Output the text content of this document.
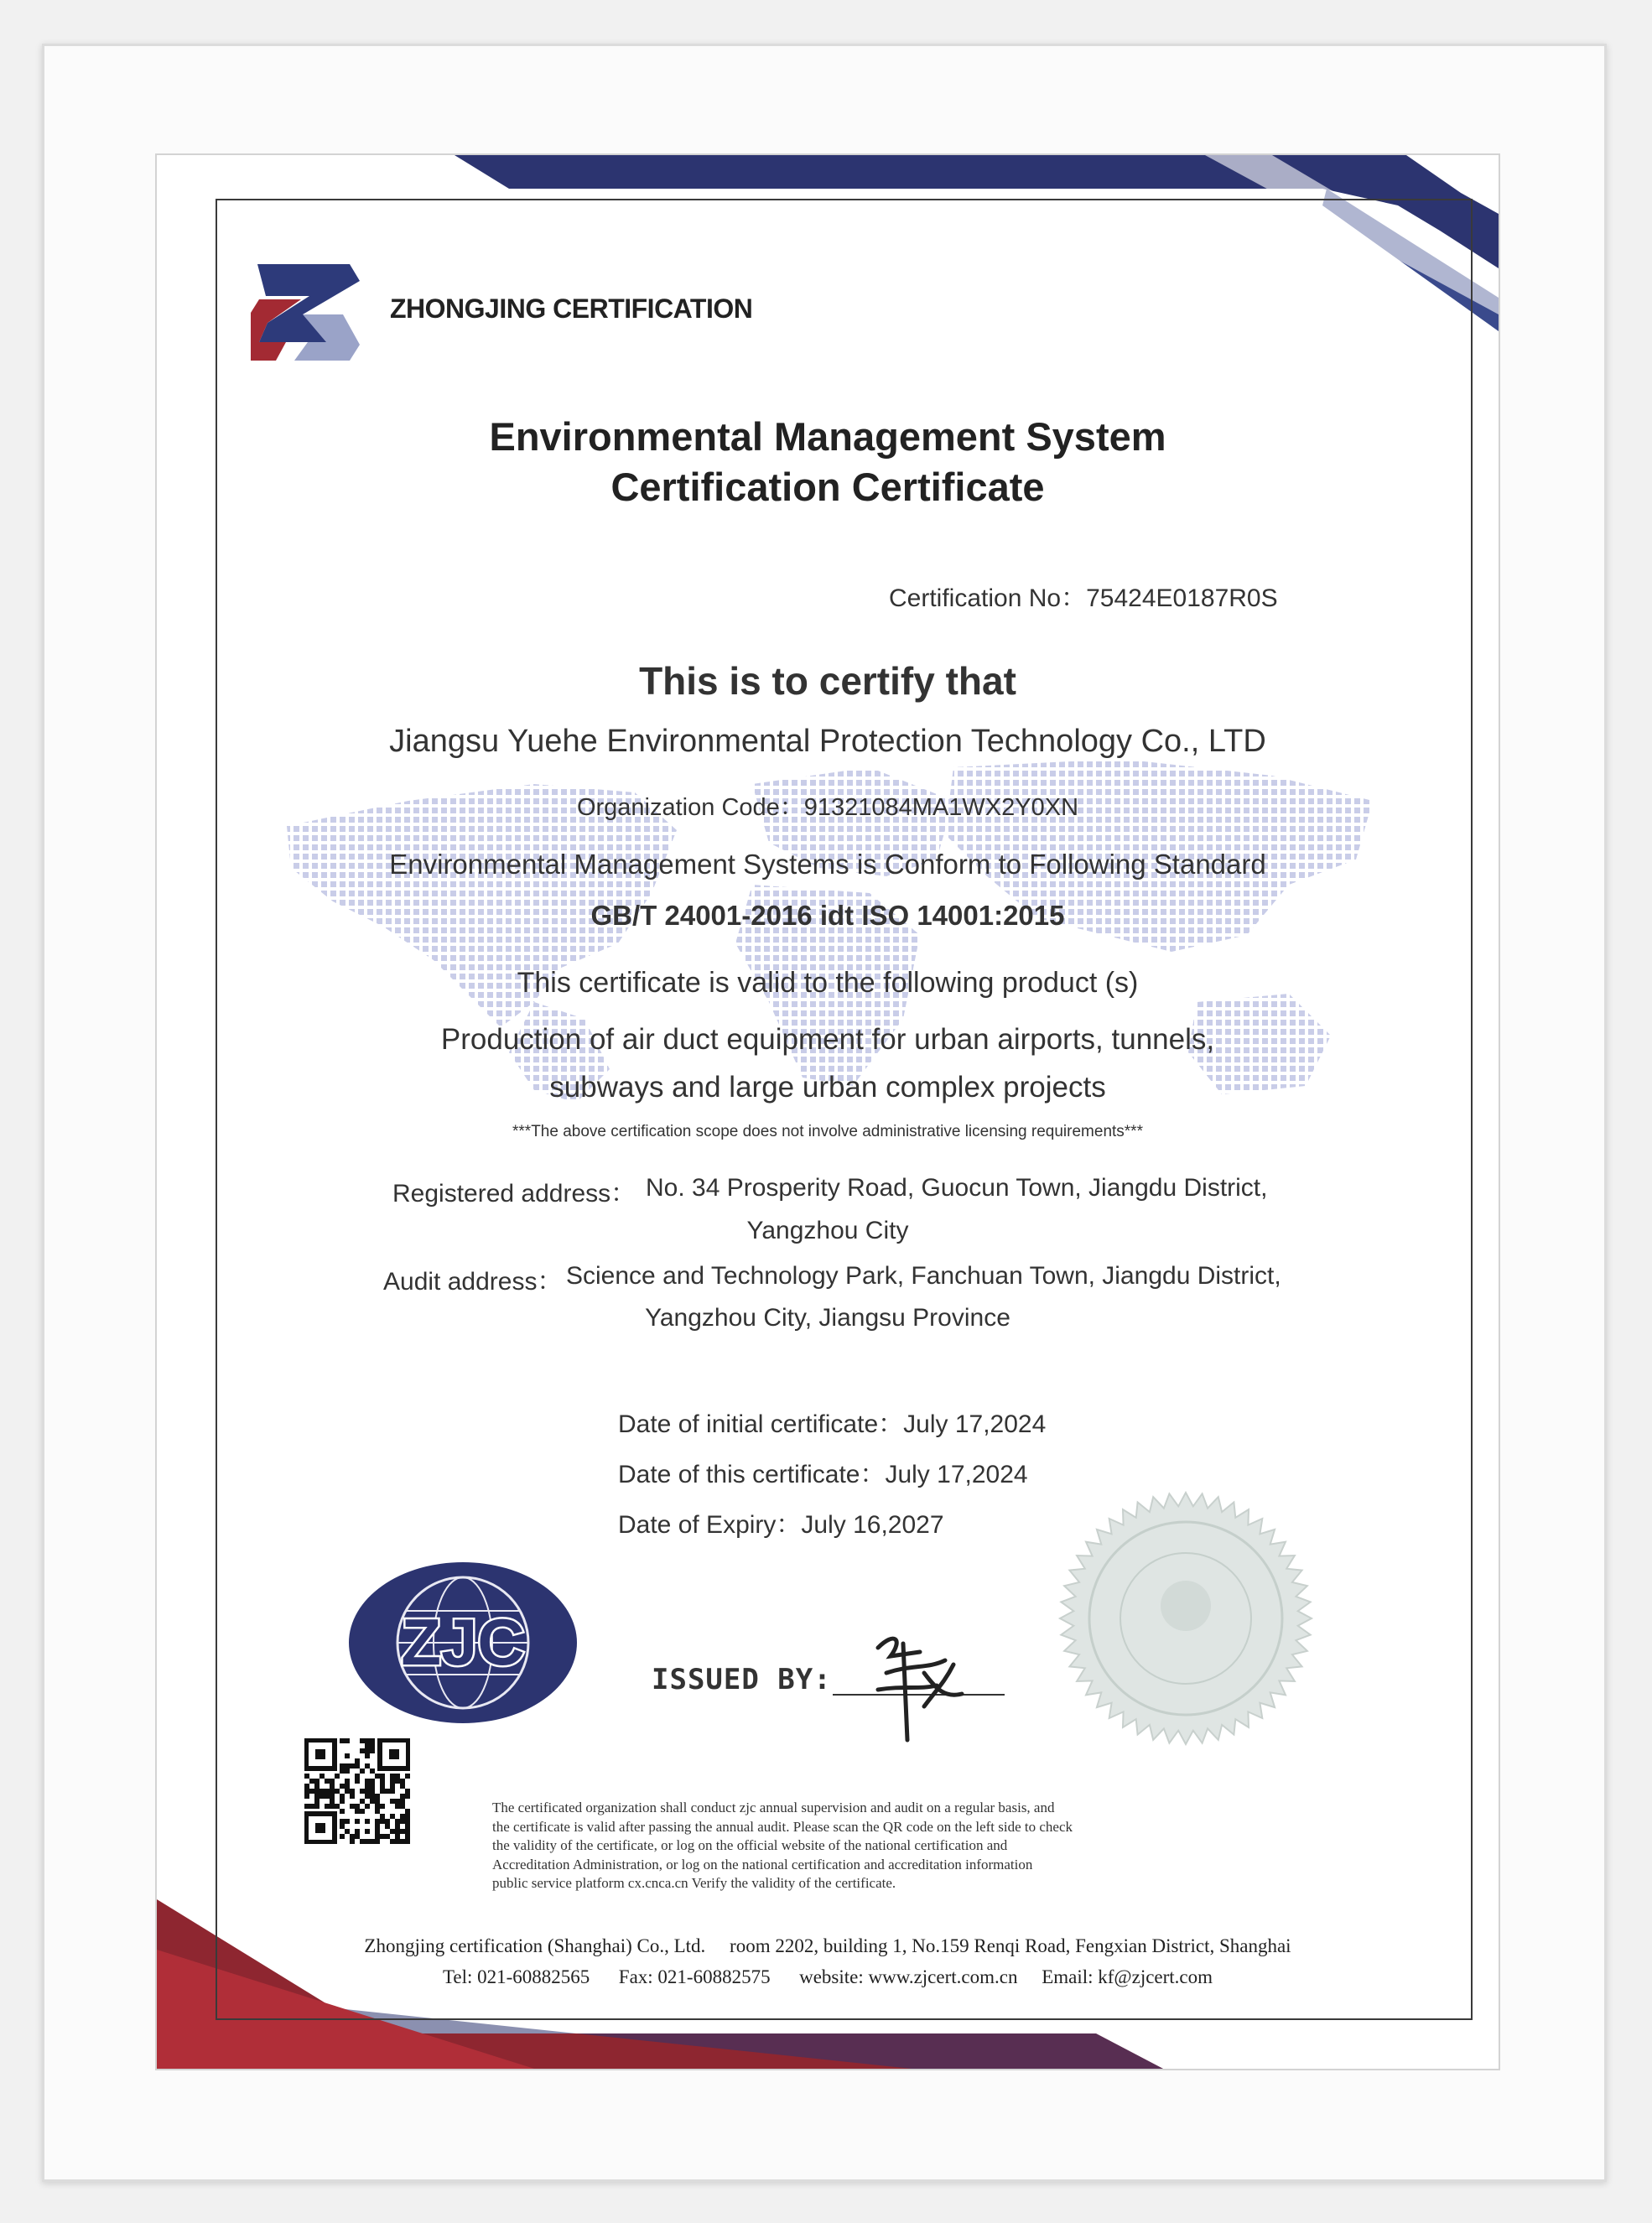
ZHONGJING CERTIFICATION
Environmental Management System
Certification Certificate
Certification No：75424E0187R0S
This is to certify that
Jiangsu Yuehe Environmental Protection Technology Co., LTD
Organization Code：91321084MA1WX2Y0XN
Environmental Management Systems is Conform to Following Standard
GB/T 24001-2016 idt ISO 14001:2015
This certificate is valid to the following product (s)
Production of air duct equipment for urban airports, tunnels,
subways and large urban complex projects
***The above certification scope does not involve administrative licensing requirements***
Registered address： No. 34 Prosperity Road, Guocun Town, Jiangdu District,
Yangzhou City
Audit address： Science and Technology Park, Fanchuan Town, Jiangdu District,
Yangzhou City, Jiangsu Province
Date of initial certificate：July 17,2024
Date of this certificate：July 17,2024
Date of Expiry：July 16,2027
ZJC
ISSUED BY:
The certificated organization shall conduct zjc annual supervision and audit on a regular basis, and
the certificate is valid after passing the annual audit. Please scan the QR code on the left side to check
the validity of the certificate, or log on the official website of the national certification and
Accreditation Administration, or log on the national certification and accreditation information
public service platform cx.cnca.cn Verify the validity of the certificate.
Zhongjing certification (Shanghai) Co., Ltd.     room 2202, building 1, No.159 Renqi Road, Fengxian District, Shanghai
Tel: 021-60882565      Fax: 021-60882575      website: www.zjcert.com.cn     Email: kf@zjcert.com
